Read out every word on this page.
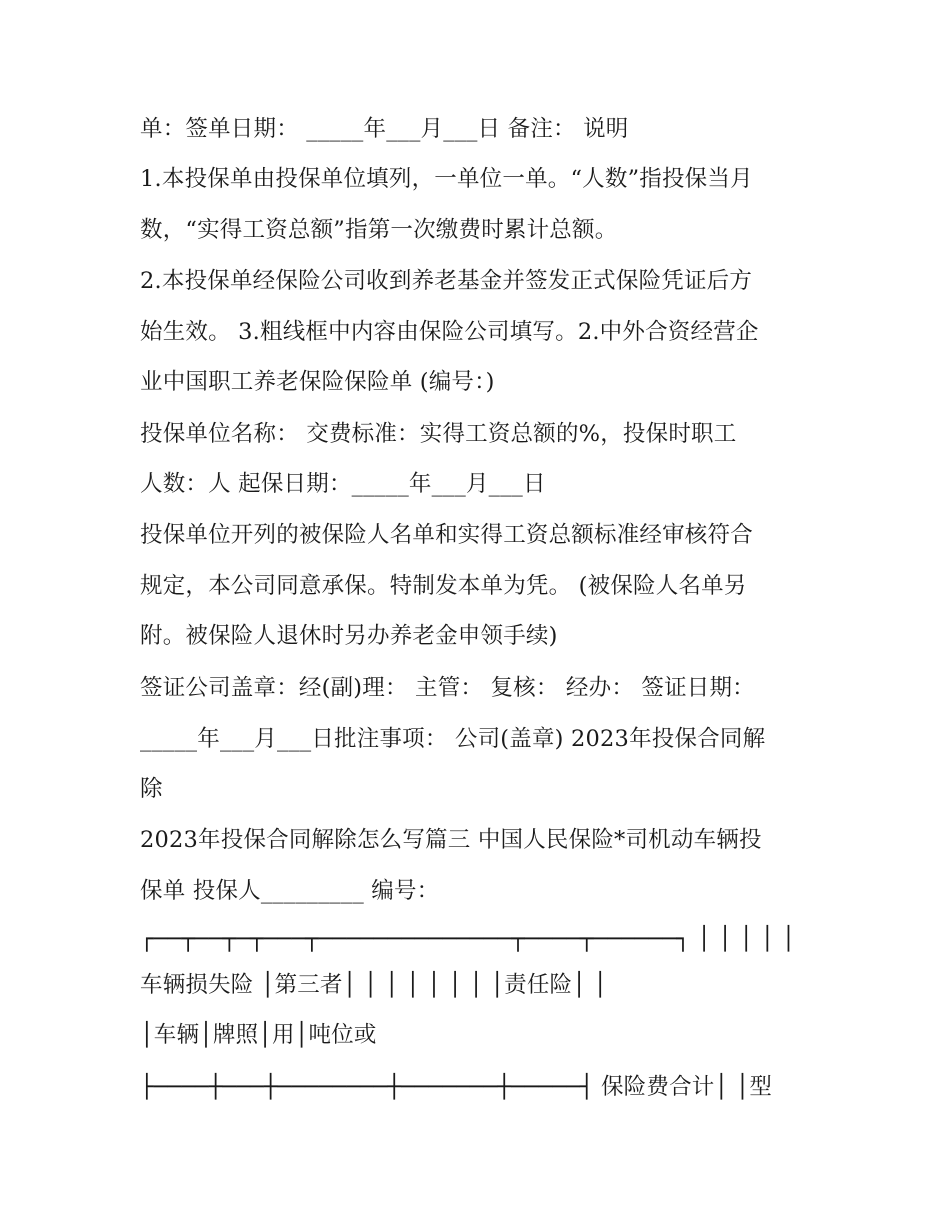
单：签单日期： _____年___月___日 备注： 说明
1.本投保单由投保单位填列，一单位一单。“人数”指投保当月
数，“实得工资总额”指第一次缴费时累计总额。
2.本投保单经保险公司收到养老基金并签发正式保险凭证后方
始生效。 3.粗线框中内容由保险公司填写。2.中外合资经营企
业中国职工养老保险保险单 (编号：)
投保单位名称： 交费标准：实得工资总额的%，投保时职工
人数：人 起保日期：_____年___月___日
投保单位开列的被保险人名单和实得工资总额标准经审核符合
规定，本公司同意承保。特制发本单为凭。 (被保险人名单另
附。被保险人退休时另办养老金申领手续)
签证公司盖章：经(副)理： 主管： 复核： 经办： 签证日期：
_____年___月___日批注事项： 公司(盖章) 2023年投保合同解
除
2023年投保合同解除怎么写篇三 中国人民保险*司机动车辆投
保单 投保人_________ 编号：
┌──┬──┬─┬───┬──────────────┬────┬──────┐ │ │ │ │ │
车辆损失险 │第三者│ │ │ │ │ │ │ │责任险│ │
│车辆│牌照│用│吨位或
├────┼───┼────────┼───────┼─────┤ 保险费合计│ │型
